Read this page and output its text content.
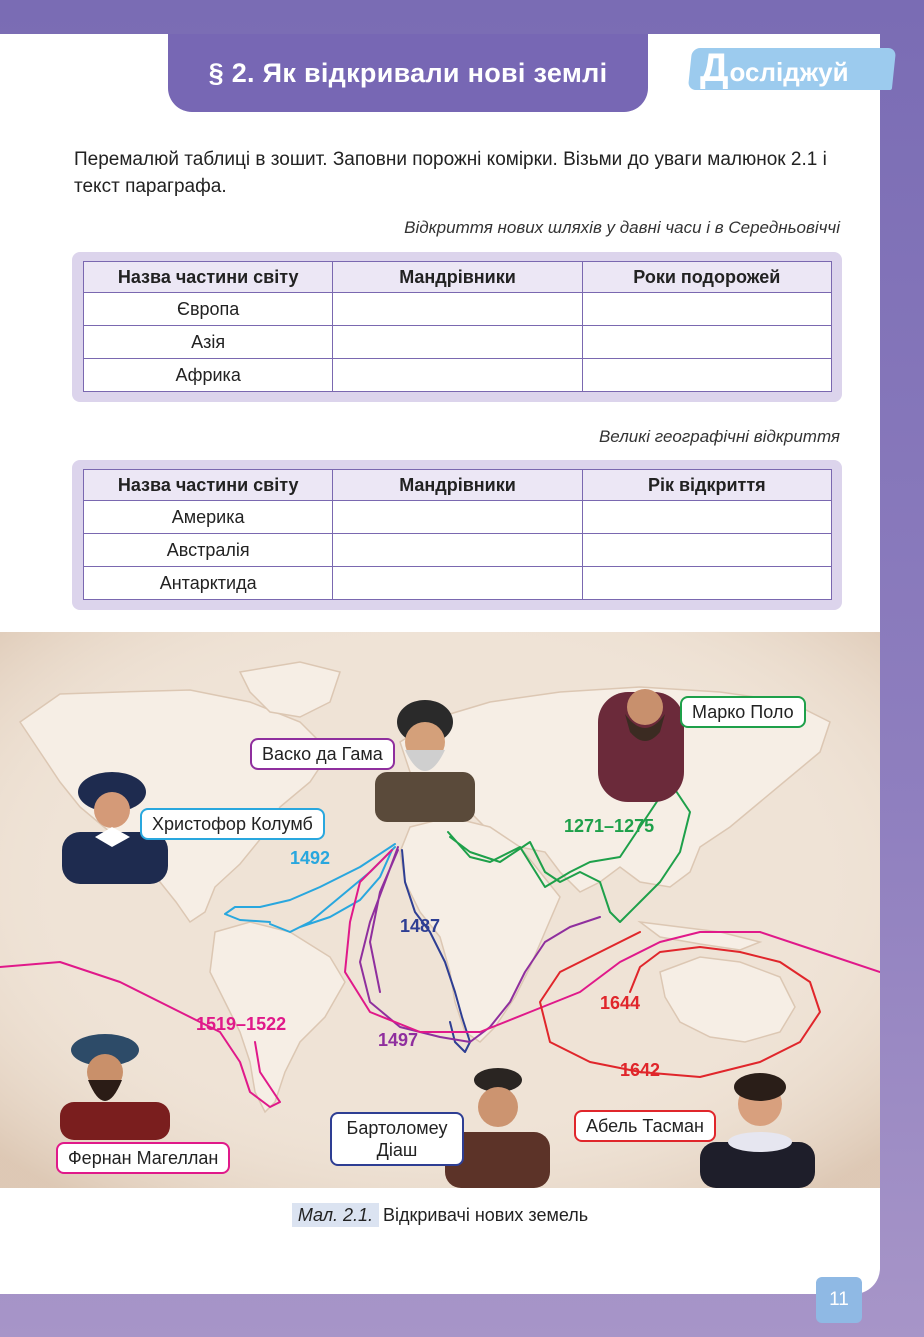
§ 2. Як відкривали нові землі Д осліджуй
Перемалюй таблиці в зошит. Заповни порожні комірки. Візьми до уваги малюнок 2.1 і текст параграфа.
Відкриття нових шляхів у давні часи і в Середньовіччі
Назва частини світу	Мандрівники	Роки подорожей
Європа		
Азія		
Африка		
Великі географічні відкриття
Назва частини світу	Мандрівники	Рік відкриття
Америка		
Австралія		
Антарктида		
Марко Поло
Васко да Гама
Христофор Колумб
Фернан Магеллан
Бартоломеу Діаш
Абель Тасман
1271–1275
1492
1487
1497
1519–1522
1644
1642
Мал. 2.1. Відкривачі нових земель
11
